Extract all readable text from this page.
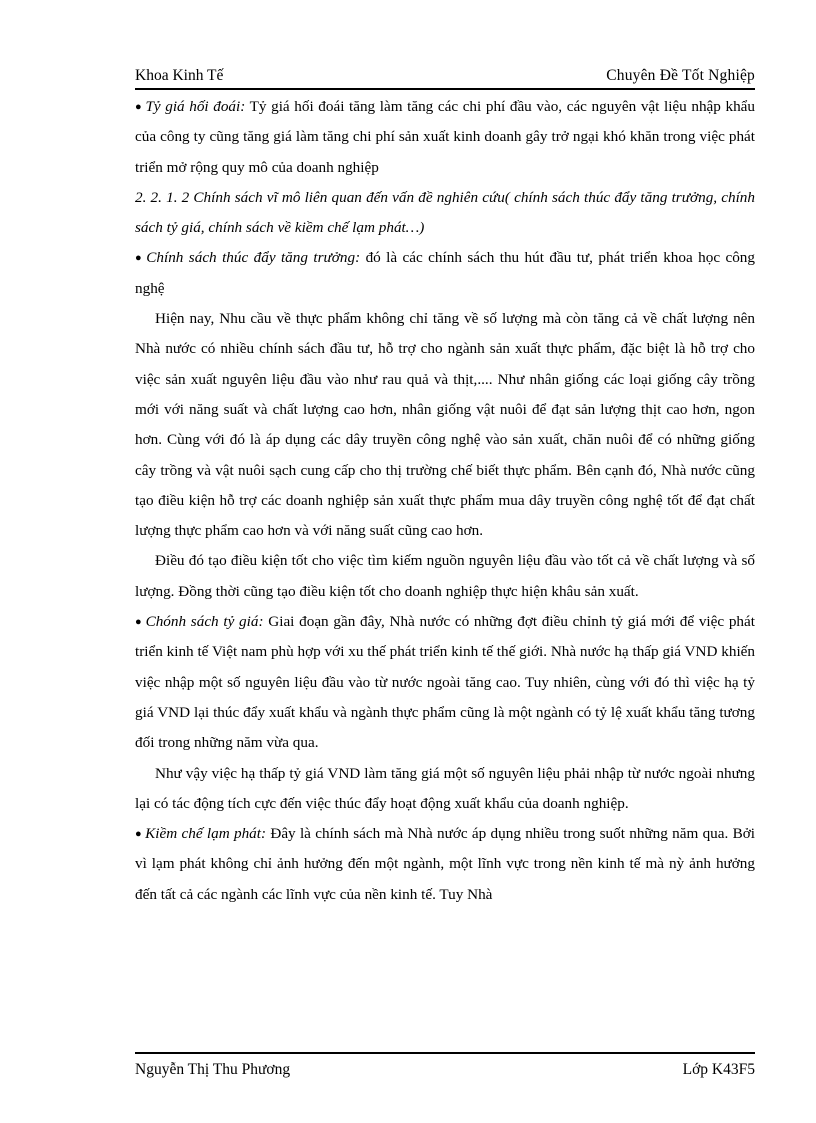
Khoa Kinh Tế	Chuyên Đề Tốt Nghiệp

● Tỷ giá hối đoái: Tỷ giá hối đoái tăng làm tăng các chi phí đầu vào, các nguyên vật liệu nhập khẩu của công ty cũng tăng giá làm tăng chi phí sản xuất kinh doanh gây trở ngại khó khăn trong việc phát triển mở rộng quy mô của doanh nghiệp

2. 2. 1. 2 Chính sách vĩ mô liên quan đến vấn đề nghiên cứu( chính sách thúc đẩy tăng trưởng, chính sách tỷ giá, chính sách về kiềm chế lạm phát…)

● Chính sách thúc đẩy tăng trưởng: đó là các chính sách thu hút đầu tư, phát triển khoa học công nghệ

Hiện nay, Nhu cầu về thực phẩm không chỉ tăng về số lượng mà còn tăng cả về chất lượng nên Nhà nước có nhiều chính sách đầu tư, hỗ trợ cho ngành sản xuất thực phẩm, đặc biệt là hỗ trợ cho việc sản xuất nguyên liệu đầu vào như rau quả và thịt,.... Như nhân giống các loại giống cây trồng mới với năng suất và chất lượng cao hơn, nhân giống vật nuôi để đạt sản lượng thịt cao hơn, ngon hơn. Cùng với đó là áp dụng các dây truyền công nghệ vào sản xuất, chăn nuôi để có những giống cây trồng và vật nuôi sạch cung cấp cho thị trường chế biết thực phẩm. Bên cạnh đó, Nhà nước cũng tạo điều kiện hỗ trợ các doanh nghiệp sản xuất thực phẩm mua dây truyền công nghệ tốt để đạt chất lượng thực phẩm cao hơn và với năng suất cũng cao hơn.

Điều đó tạo điều kiện tốt cho việc tìm kiếm nguồn nguyên liệu đầu vào tốt cả về chất lượng và số lượng. Đồng thời cũng tạo điều kiện tốt cho doanh nghiệp thực hiện khâu sản xuất.

● Chónh sách tỷ giá: Giai đoạn gần đây, Nhà nước có những đợt điều chỉnh tỷ giá mới để việc phát triển kinh tế Việt nam phù hợp với xu thế phát triển kinh tế thế giới. Nhà nước hạ thấp giá VND khiến việc nhập một số nguyên liệu đầu vào từ nước ngoài tăng cao. Tuy nhiên, cùng với đó thì việc hạ tỷ giá VND lại thúc đẩy xuất khẩu và ngành thực phẩm cũng là một ngành có tỷ lệ xuất khẩu tăng tương đối trong những năm vừa qua.

Như vậy việc hạ thấp tỷ giá VND làm tăng giá một số nguyên liệu phải nhập từ nước ngoài nhưng lại có tác động tích cực đến việc thúc đẩy hoạt động xuất khẩu của doanh nghiệp.

● Kiềm chế lạm phát: Đây là chính sách mà Nhà nước áp dụng nhiều trong suốt những năm qua. Bởi vì lạm phát không chỉ ảnh hưởng đến một ngành, một lĩnh vực trong nền kinh tế mà nỳ ảnh hưởng đến tất cả các ngành các lĩnh vực của nền kinh tế. Tuy Nhà

Nguyễn Thị Thu Phương	Lớp K43F5
